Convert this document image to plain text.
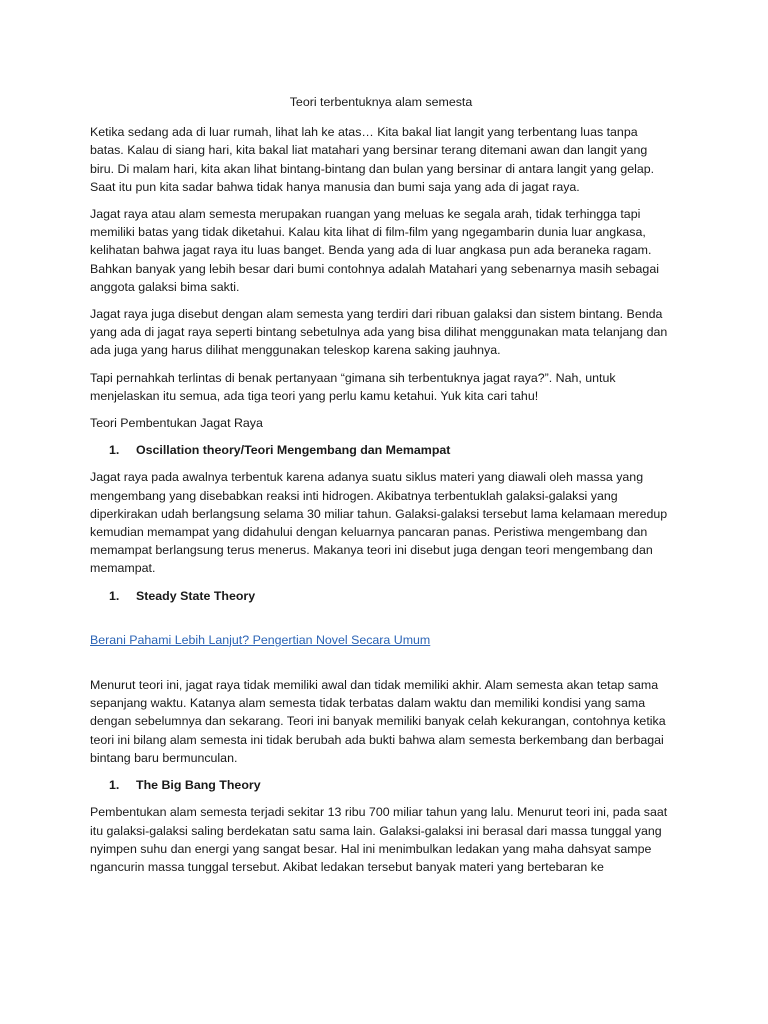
Teori terbentuknya alam semesta

Ketika sedang ada di luar rumah, lihat lah ke atas… Kita bakal liat langit yang terbentang luas tanpa batas. Kalau di siang hari, kita bakal liat matahari yang bersinar terang ditemani awan dan langit yang biru. Di malam hari, kita akan lihat bintang-bintang dan bulan yang bersinar di antara langit yang gelap. Saat itu pun kita sadar bahwa tidak hanya manusia dan bumi saja yang ada di jagat raya.

Jagat raya atau alam semesta merupakan ruangan yang meluas ke segala arah, tidak terhingga tapi memiliki batas yang tidak diketahui. Kalau kita lihat di film-film yang ngegambarin dunia luar angkasa, kelihatan bahwa jagat raya itu luas banget. Benda yang ada di luar angkasa pun ada beraneka ragam. Bahkan banyak yang lebih besar dari bumi contohnya adalah Matahari yang sebenarnya masih sebagai anggota galaksi bima sakti.

Jagat raya juga disebut dengan alam semesta yang terdiri dari ribuan galaksi dan sistem bintang. Benda yang ada di jagat raya seperti bintang sebetulnya ada yang bisa dilihat menggunakan mata telanjang dan ada juga yang harus dilihat menggunakan teleskop karena saking jauhnya.

Tapi pernahkah terlintas di benak pertanyaan “gimana sih terbentuknya jagat raya?”. Nah, untuk menjelaskan itu semua, ada tiga teori yang perlu kamu ketahui. Yuk kita cari tahu!

Teori Pembentukan Jagat Raya
1.	Oscillation theory/Teori Mengembang dan Memampat

Jagat raya pada awalnya terbentuk karena adanya suatu siklus materi yang diawali oleh massa yang mengembang yang disebabkan reaksi inti hidrogen. Akibatnya terbentuklah galaksi-galaksi yang diperkirakan udah berlangsung selama 30 miliar tahun. Galaksi-galaksi tersebut lama kelamaan meredup kemudian memampat yang didahului dengan keluarnya pancaran panas. Peristiwa mengembang dan memampat berlangsung terus menerus. Makanya teori ini disebut juga dengan teori mengembang dan memampat.

1.	Steady State Theory
Berani Pahami Lebih Lanjut? Pengertian Novel Secara Umum

Menurut teori ini, jagat raya tidak memiliki awal dan tidak memiliki akhir. Alam semesta akan tetap sama sepanjang waktu. Katanya alam semesta tidak terbatas dalam waktu dan memiliki kondisi yang sama dengan sebelumnya dan sekarang. Teori ini banyak memiliki banyak celah kekurangan, contohnya ketika teori ini bilang alam semesta ini tidak berubah ada bukti bahwa alam semesta berkembang dan berbagai bintang baru bermunculan.

1.	The Big Bang Theory

Pembentukan alam semesta terjadi sekitar 13 ribu 700 miliar tahun yang lalu. Menurut teori ini, pada saat itu galaksi-galaksi saling berdekatan satu sama lain. Galaksi-galaksi ini berasal dari massa tunggal yang nyimpen suhu dan energi yang sangat besar. Hal ini menimbulkan ledakan yang maha dahsyat sampe ngancurin massa tunggal tersebut. Akibat ledakan tersebut banyak materi yang bertebaran ke
